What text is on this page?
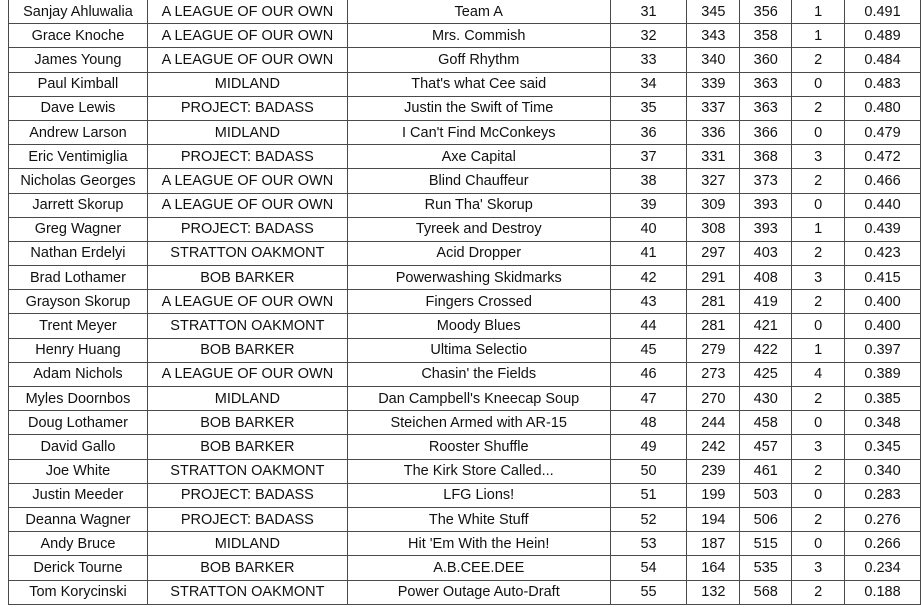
Sanjay Ahluwalia	A LEAGUE OF OUR OWN	Team A	31	345	356	1	0.491
Grace Knoche	A LEAGUE OF OUR OWN	Mrs. Commish	32	343	358	1	0.489
James Young	A LEAGUE OF OUR OWN	Goff Rhythm	33	340	360	2	0.484
Paul Kimball	MIDLAND	That's what Cee said	34	339	363	0	0.483
Dave Lewis	PROJECT: BADASS	Justin the Swift of Time	35	337	363	2	0.480
Andrew Larson	MIDLAND	I Can't Find McConkeys	36	336	366	0	0.479
Eric Ventimiglia	PROJECT: BADASS	Axe Capital	37	331	368	3	0.472
Nicholas Georges	A LEAGUE OF OUR OWN	Blind Chauffeur	38	327	373	2	0.466
Jarrett Skorup	A LEAGUE OF OUR OWN	Run Tha' Skorup	39	309	393	0	0.440
Greg Wagner	PROJECT: BADASS	Tyreek and Destroy	40	308	393	1	0.439
Nathan Erdelyi	STRATTON OAKMONT	Acid Dropper	41	297	403	2	0.423
Brad Lothamer	BOB BARKER	Powerwashing Skidmarks	42	291	408	3	0.415
Grayson Skorup	A LEAGUE OF OUR OWN	Fingers Crossed	43	281	419	2	0.400
Trent Meyer	STRATTON OAKMONT	Moody Blues	44	281	421	0	0.400
Henry Huang	BOB BARKER	Ultima Selectio	45	279	422	1	0.397
Adam Nichols	A LEAGUE OF OUR OWN	Chasin' the Fields	46	273	425	4	0.389
Myles Doornbos	MIDLAND	Dan Campbell's Kneecap Soup	47	270	430	2	0.385
Doug Lothamer	BOB BARKER	Steichen Armed with AR-15	48	244	458	0	0.348
David Gallo	BOB BARKER	Rooster Shuffle	49	242	457	3	0.345
Joe White	STRATTON OAKMONT	The Kirk Store Called...	50	239	461	2	0.340
Justin Meeder	PROJECT: BADASS	LFG Lions!	51	199	503	0	0.283
Deanna Wagner	PROJECT: BADASS	The White Stuff	52	194	506	2	0.276
Andy Bruce	MIDLAND	Hit 'Em With the Hein!	53	187	515	0	0.266
Derick Tourne	BOB BARKER	A.B.CEE.DEE	54	164	535	3	0.234
Tom Korycinski	STRATTON OAKMONT	Power Outage Auto-Draft	55	132	568	2	0.188
